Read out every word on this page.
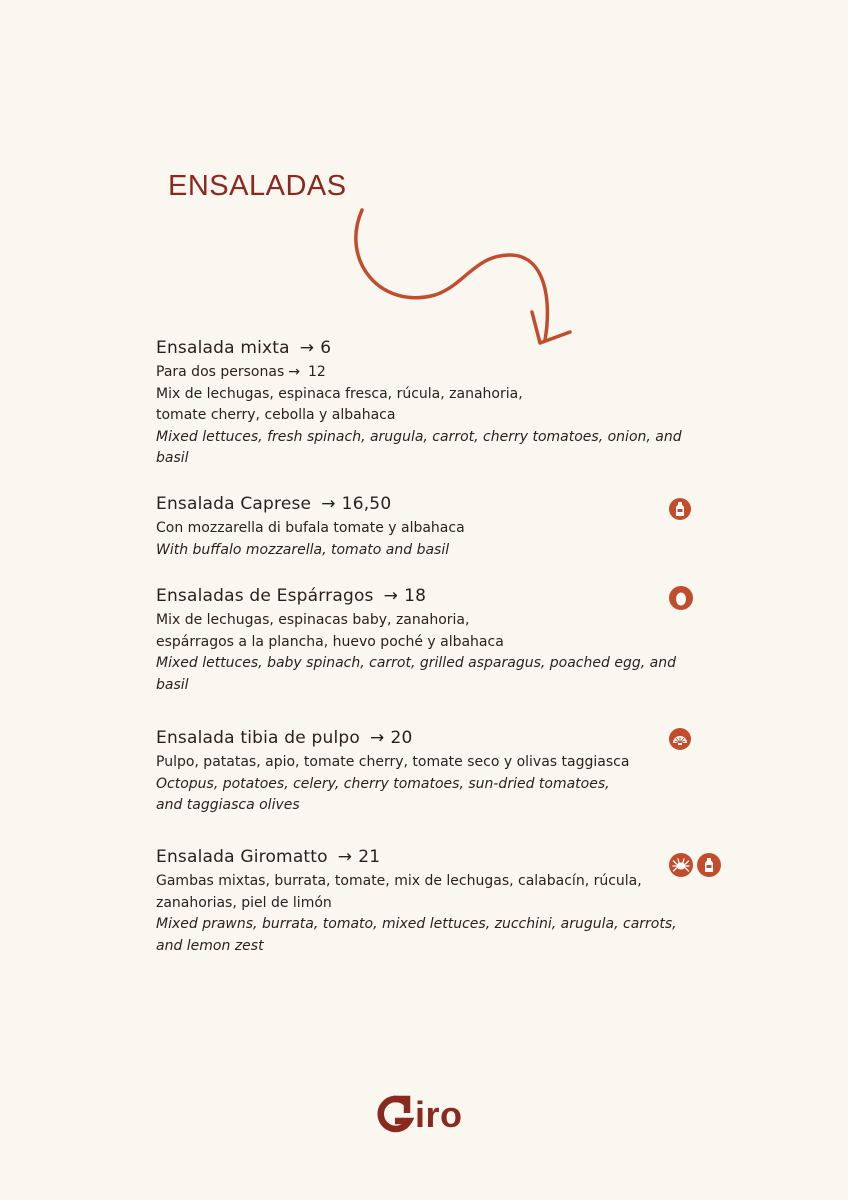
ENSALADAS
Ensalada mixta → 6

Para dos personas → 12

Mix de lechugas, espinaca fresca, rúcula, zanahoria,

tomate cherry, cebolla y albahaca

Mixed lettuces, fresh spinach, arugula, carrot, cherry tomatoes, onion, and

basil

Ensalada Caprese → 16,50

Con mozzarella di bufala tomate y albahaca

With buffalo mozzarella, tomato and basil

Ensaladas de Espárragos → 18

Mix de lechugas, espinacas baby, zanahoria,

espárragos a la plancha, huevo poché y albahaca

Mixed lettuces, baby spinach, carrot, grilled asparagus, poached egg, and

basil

Ensalada tibia de pulpo → 20

Pulpo, patatas, apio, tomate cherry, tomate seco y olivas taggiasca

Octopus, potatoes, celery, cherry tomatoes, sun-dried tomatoes,

and taggiasca olives

Ensalada Giromatto → 21

Gambas mixtas, burrata, tomate, mix de lechugas, calabacín, rúcula,

zanahorias, piel de limón

Mixed prawns, burrata, tomato, mixed lettuces, zucchini, arugula, carrots,

and lemon zest

iro
